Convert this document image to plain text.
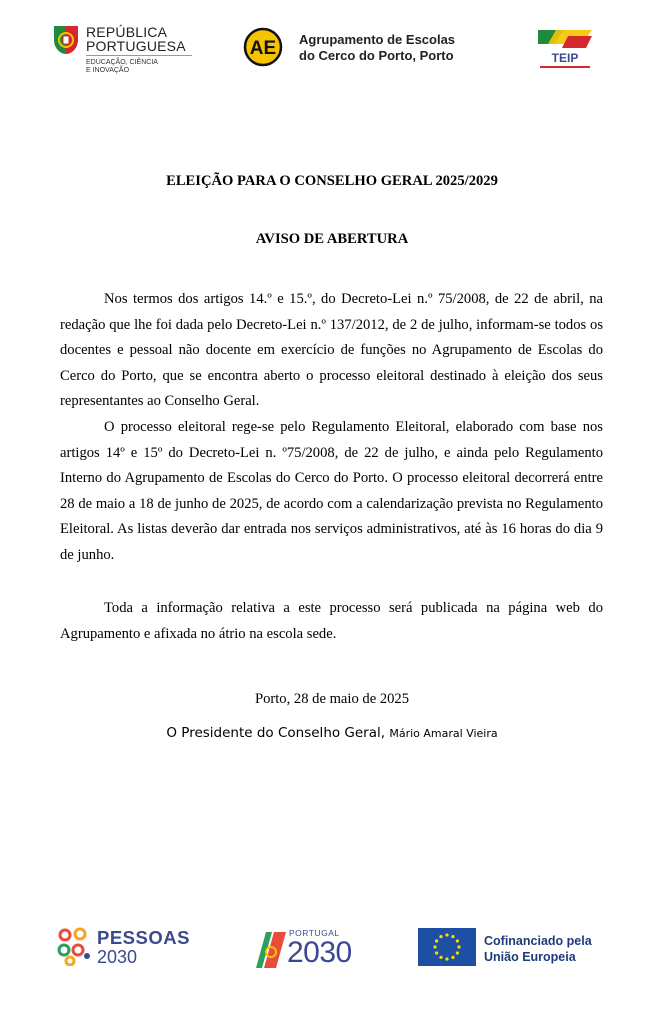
REPÚBLICA
PORTUGUESA
EDUCAÇÃO, CIÊNCIA
E INOVAÇÃO
AE Agrupamento de Escolas
do Cerco do Porto, Porto	TEIP
ELEIÇÃO PARA O CONSELHO GERAL 2025/2029
AVISO DE ABERTURA

Nos termos dos artigos 14.º e 15.º, do Decreto-Lei n.º 75/2008, de 22 de abril, na redação que lhe foi dada pelo Decreto-Lei n.º 137/2012, de 2 de julho, informam-se todos os docentes e pessoal não docente em exercício de funções no Agrupamento de Escolas do Cerco do Porto, que se encontra aberto o processo eleitoral destinado à eleição dos seus representantes ao Conselho Geral.

O processo eleitoral rege-se pelo Regulamento Eleitoral, elaborado com base nos artigos 14º e 15º do Decreto-Lei n. º75/2008, de 22 de julho, e ainda pelo Regulamento Interno do Agrupamento de Escolas do Cerco do Porto. O processo eleitoral decorrerá entre 28 de maio a 18 de junho de 2025, de acordo com a calendarização prevista no Regulamento Eleitoral. As listas deverão dar entrada nos serviços administrativos, até às 16 horas do dia 9 de junho.

Toda a informação relativa a este processo será publicada na página web do Agrupamento e afixada no átrio na escola sede.

Porto, 28 de maio de 2025
O Presidente do Conselho Geral, Mário Amaral Vieira
PESSOAS
2030
PORTUGAL
2030	Cofinanciado pela
União Europeia
